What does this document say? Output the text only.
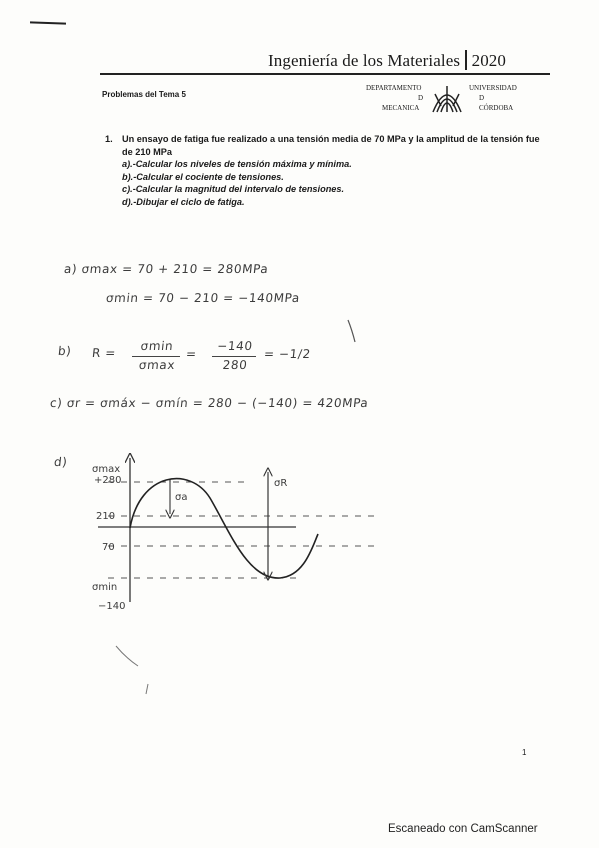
Ingeniería de los Materiales 2020
Problemas del Tema 5
DEPARTAMENTO
D
MECANICA
UNIVERSIDAD
D
CÓRDOBA
1. Un ensayo de fatiga fue realizado a una tensión media de 70 MPa y la amplitud de la tensión fue de 210 MPa
a).-Calcular los niveles de tensión máxima y mínima.
b).-Calcular el cociente de tensiones.
c).-Calcular la magnitud del intervalo de tensiones.
d).-Dibujar el ciclo de fatiga.
a) σmax = 70 + 210 = 280MPa
σmin = 70 − 210 = −140MPa
b) R =	σmin
σmax
=
−140
280
= −1/2
c) σr = σmáx − σmín = 280 − (−140) = 420MPa
d)
σmax
+280
210
70
σmin
−140
σa
σR
1
Escaneado con CamScanner
